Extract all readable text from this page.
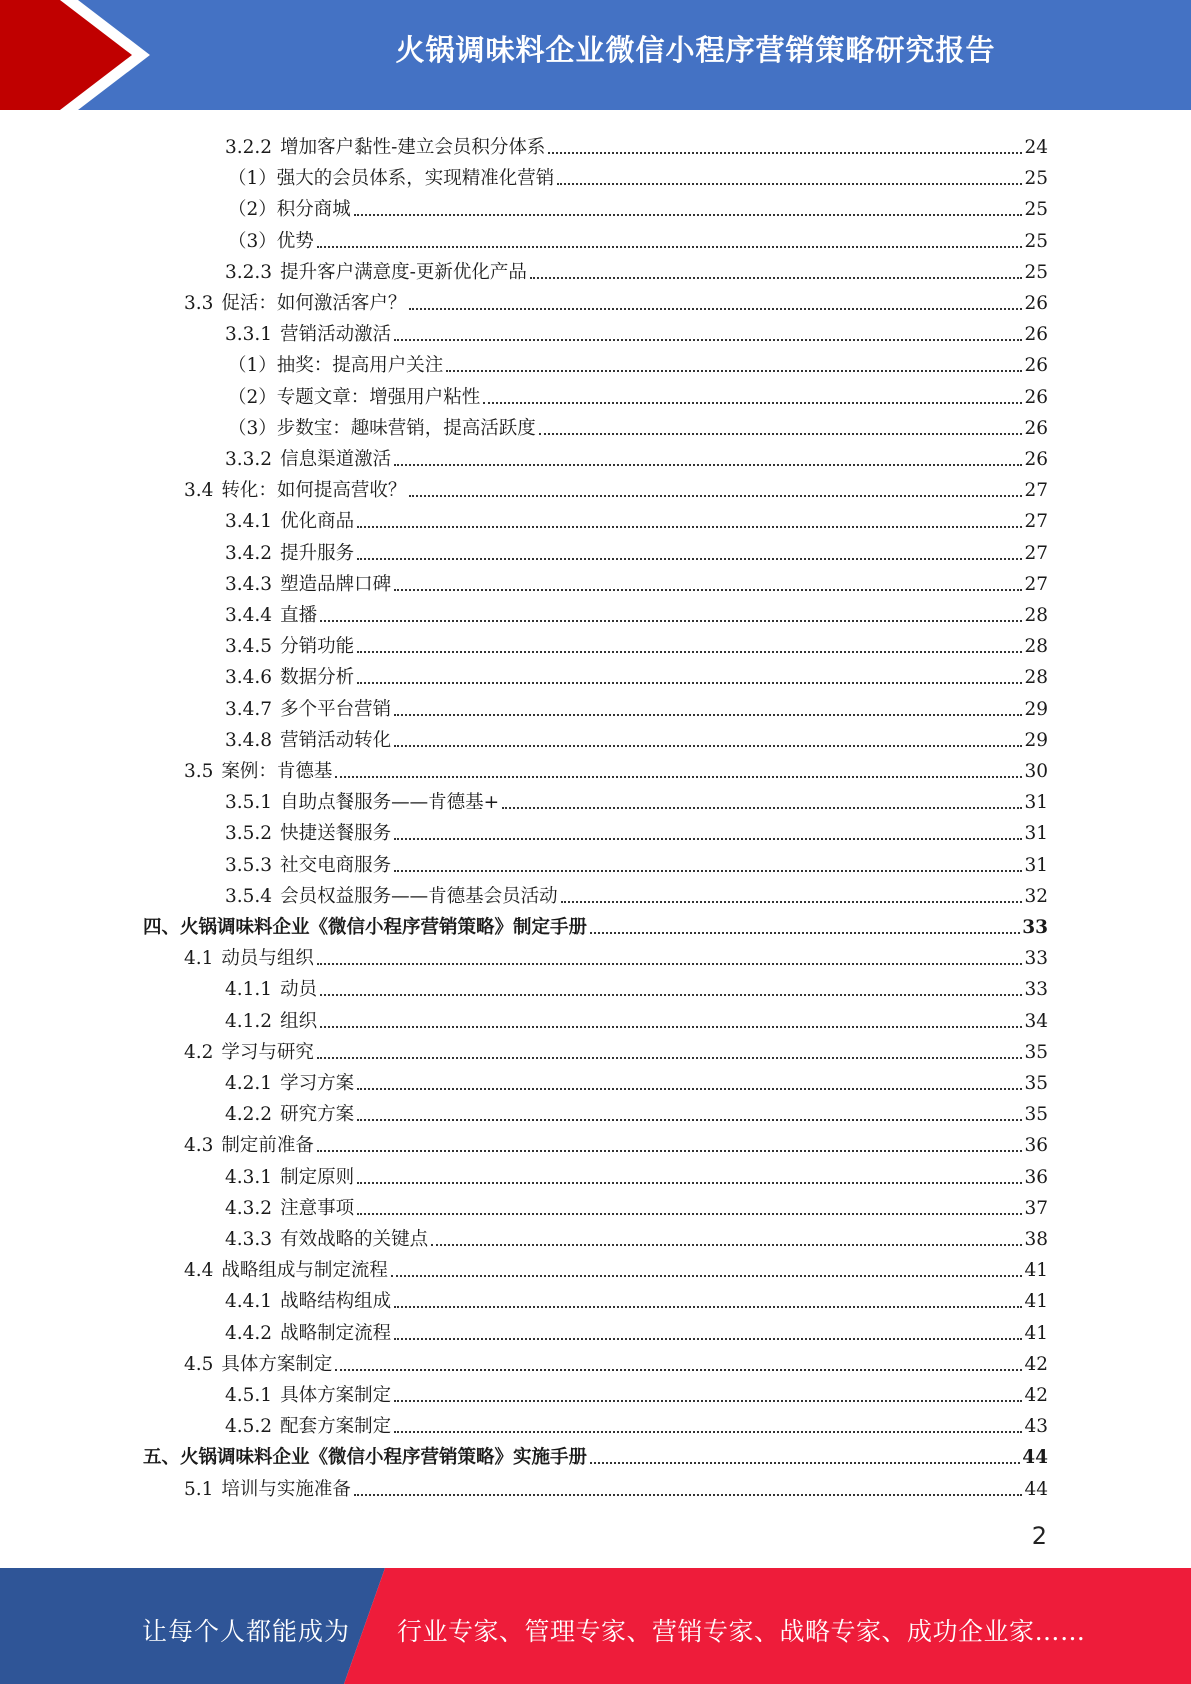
火锅调味料企业微信小程序营销策略研究报告
3.2.2 增加客户黏性-建立会员积分体系	24
（1）强大的会员体系，实现精准化营销	25
（2）积分商城	25
（3）优势	25
3.2.3 提升客户满意度-更新优化产品	25
3.3 促活：如何激活客户？	26
3.3.1 营销活动激活	26
（1）抽奖：提高用户关注	26
（2）专题文章：增强用户粘性	26
（3）步数宝：趣味营销，提高活跃度	26
3.3.2 信息渠道激活	26
3.4 转化：如何提高营收？	27
3.4.1 优化商品	27
3.4.2 提升服务	27
3.4.3 塑造品牌口碑	27
3.4.4 直播	28
3.4.5 分销功能	28
3.4.6 数据分析	28
3.4.7 多个平台营销	29
3.4.8 营销活动转化	29
3.5 案例：肯德基	30
3.5.1 自助点餐服务——肯德基+	31
3.5.2 快捷送餐服务	31
3.5.3 社交电商服务	31
3.5.4 会员权益服务——肯德基会员活动	32
四、火锅调味料企业《微信小程序营销策略》制定手册	33
4.1 动员与组织	33
4.1.1 动员	33
4.1.2 组织	34
4.2 学习与研究	35
4.2.1 学习方案	35
4.2.2 研究方案	35
4.3 制定前准备	36
4.3.1 制定原则	36
4.3.2 注意事项	37
4.3.3 有效战略的关键点	38
4.4 战略组成与制定流程	41
4.4.1 战略结构组成	41
4.4.2 战略制定流程	41
4.5 具体方案制定	42
4.5.1 具体方案制定	42
4.5.2 配套方案制定	43
五、火锅调味料企业《微信小程序营销策略》实施手册	44
5.1 培训与实施准备	44
2
让每个人都能成为 行业专家、管理专家、营销专家、战略专家、成功企业家……
